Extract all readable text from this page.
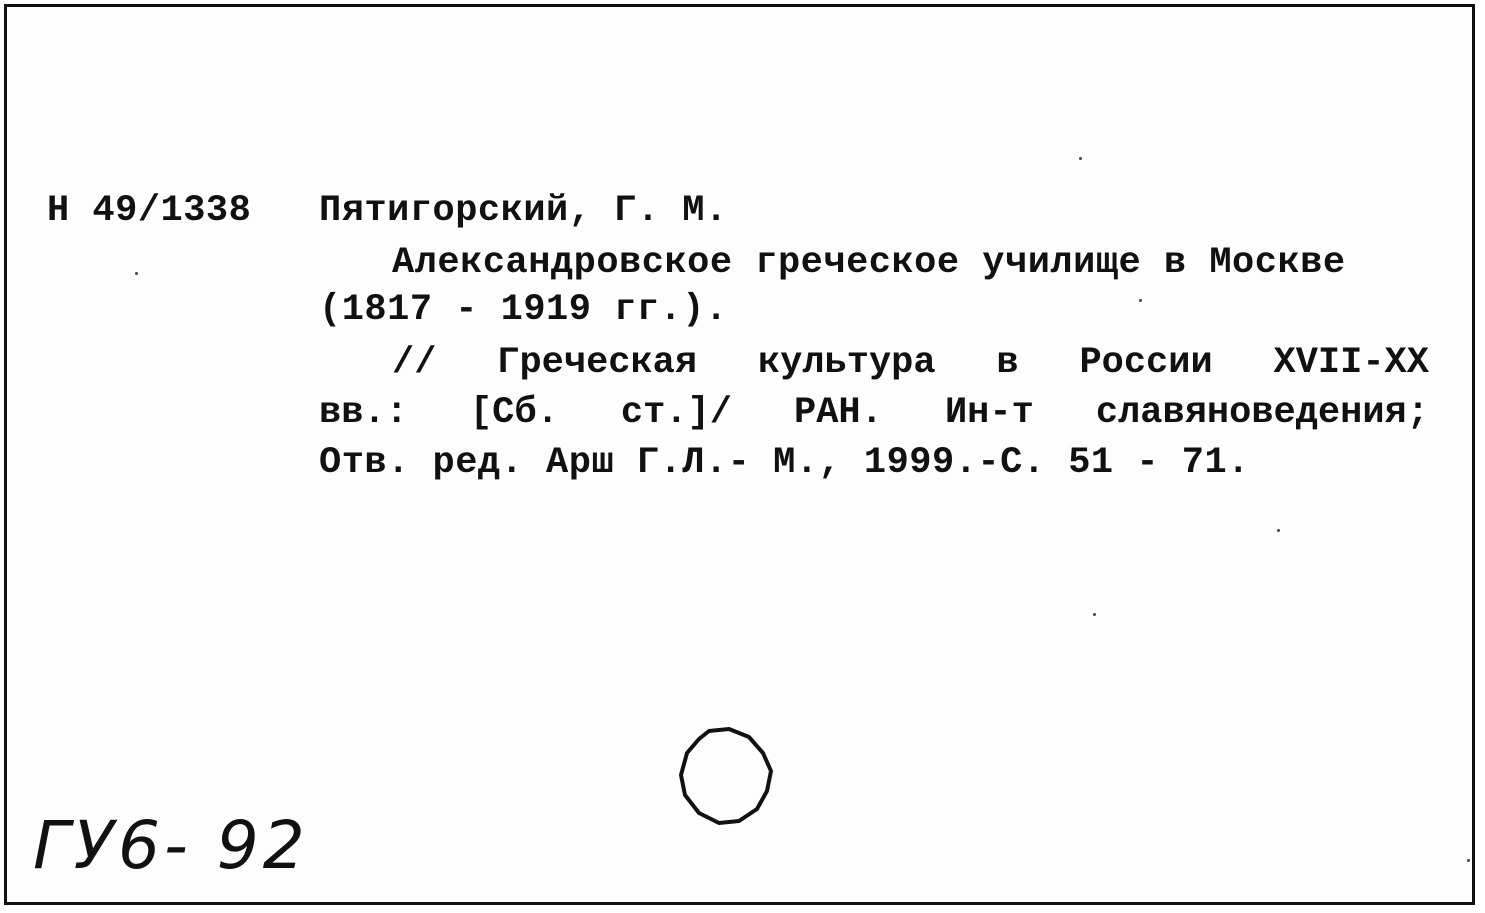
Н 49/1338 Пятигорский, Г. М.
Александровское греческое училище в Москве
(1817 - 1919 гг.).
// Греческая культура в России XVII-XX
вв.: [Сб. ст.]/ РАН. Ин-т славяноведения;
Отв. ред. Арш Г.Л.- М., 1999.-С. 51 - 71.
ГУ6- 92
